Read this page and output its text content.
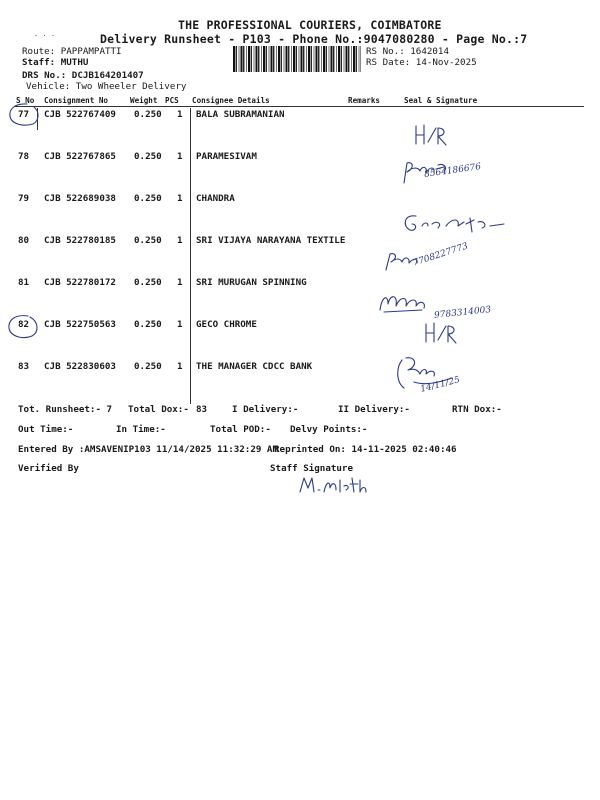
THE PROFESSIONAL COURIERS, COIMBATORE
Delivery Runsheet - P103 - Phone No.:9047080280 - Page No.:7
- · ·
Route: PAPPAMPATTI
Staff: MUTHU
DRS No.: DCJB164201407
Vehicle: Two Wheeler Delivery
RS No.: 1642014
RS Date: 14-Nov-2025
S No Consignment No	Weight PCS Consignee Details	Remarks	Seal & Signature
77 CJB 522767409 0.250 1 BALA SUBRAMANIAN
78 CJB 522767865 0.250 1 PARAMESIVAM
79 CJB 522689038 0.250 1 CHANDRA
80 CJB 522780185 0.250 1 SRI VIJAYA NARAYANA TEXTILE
81 CJB 522780172 0.250 1 SRI MURUGAN SPINNING
82 CJB 522750563 0.250 1 GECO CHROME
83 CJB 522830603 0.250 1 THE MANAGER CDCC BANK
8564186676
7708227773
9783314003
14/11/25
Tot. Runsheet:- 7 Total Dox:- 83	I Delivery:-	II Delivery:-	RTN Dox:-
Out Time:-	In Time:-	Total POD:- Delvy Points:-
Entered By :AMSAVENIP103 11/14/2025 11:32:29 AM
Reprinted On: 14-11-2025 02:40:46
Verified By	Staff Signature
